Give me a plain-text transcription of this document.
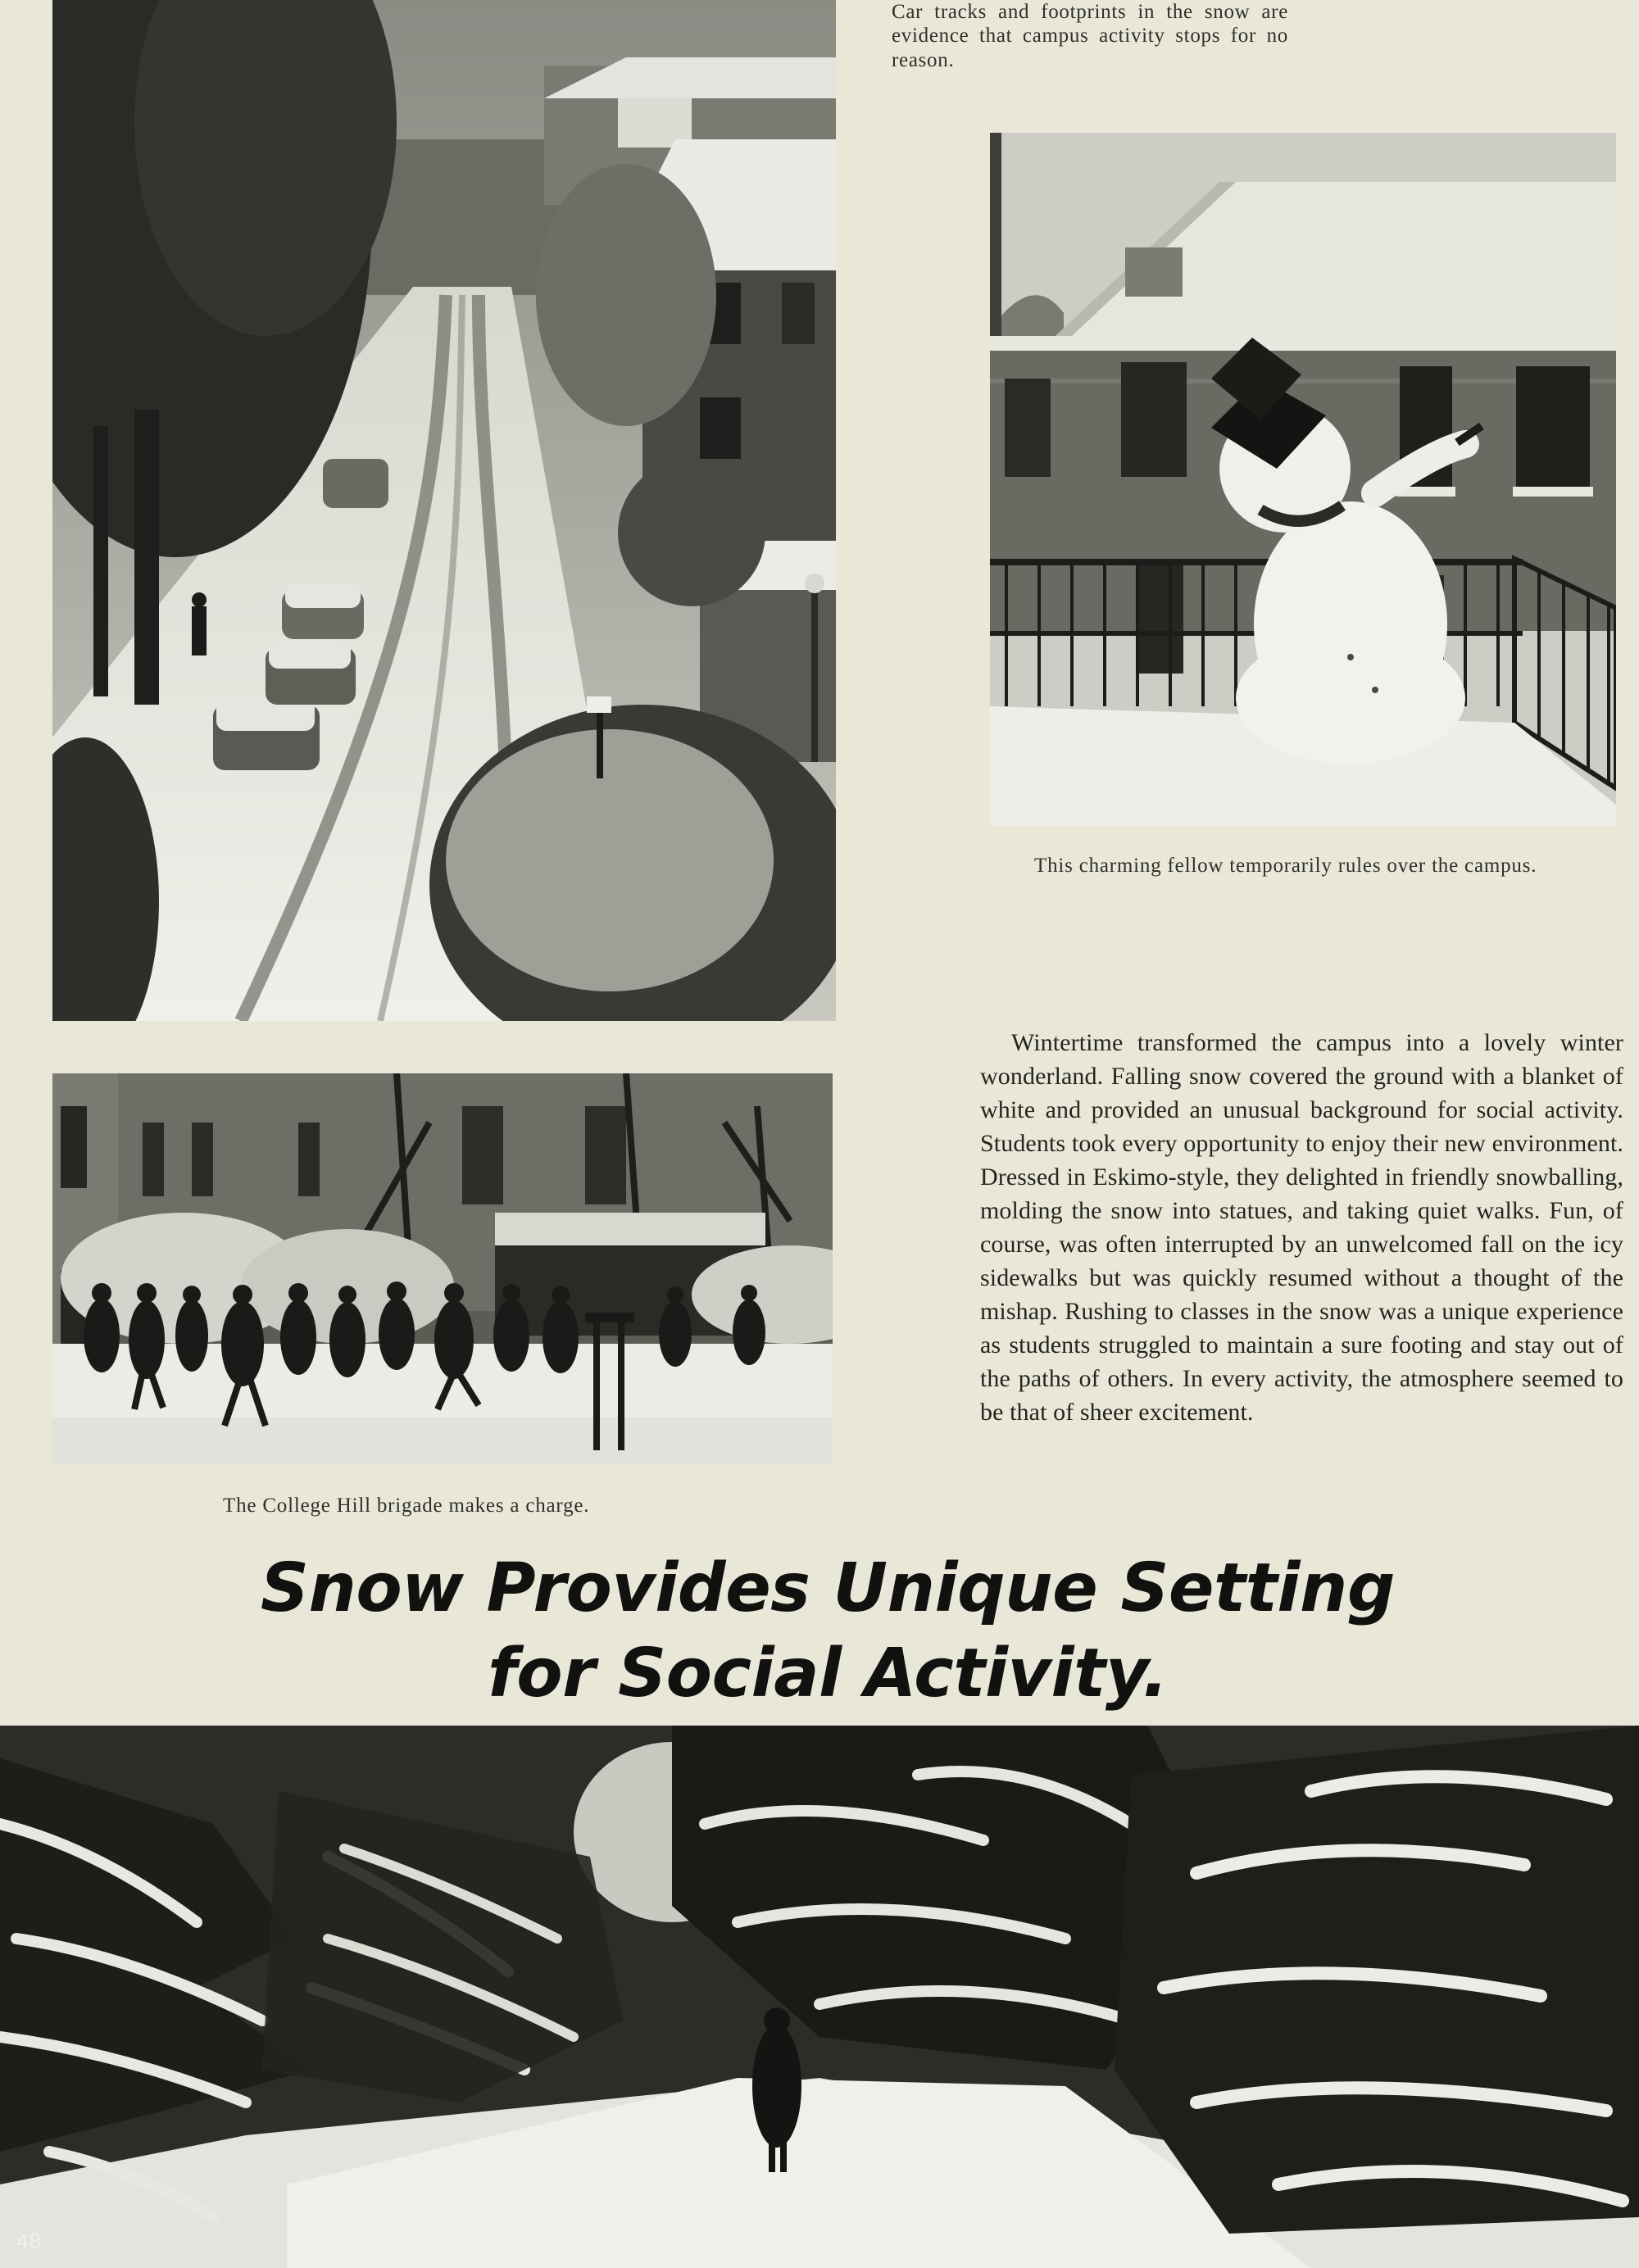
Car tracks and footprints in the snow are evidence that campus activity stops for no reason.
This charming fellow temporarily rules over the campus.
The College Hill brigade makes a charge.
Wintertime transformed the campus into a lovely winter wonderland. Falling snow covered the ground with a blanket of white and provided an unusual background for social activity. Students took every opportunity to enjoy their new environment. Dressed in Eskimo-style, they delighted in friendly snowballing, molding the snow into statues, and taking quiet walks. Fun, of course, was often interrupted by an unwelcomed fall on the icy sidewalks but was quickly resumed without a thought of the mishap. Rushing to classes in the snow was a unique experience as students struggled to maintain a sure footing and stay out of the paths of others. In every activity, the atmosphere seemed to be that of sheer excitement.
Snow Provides Unique Setting
for Social Activity.
48
